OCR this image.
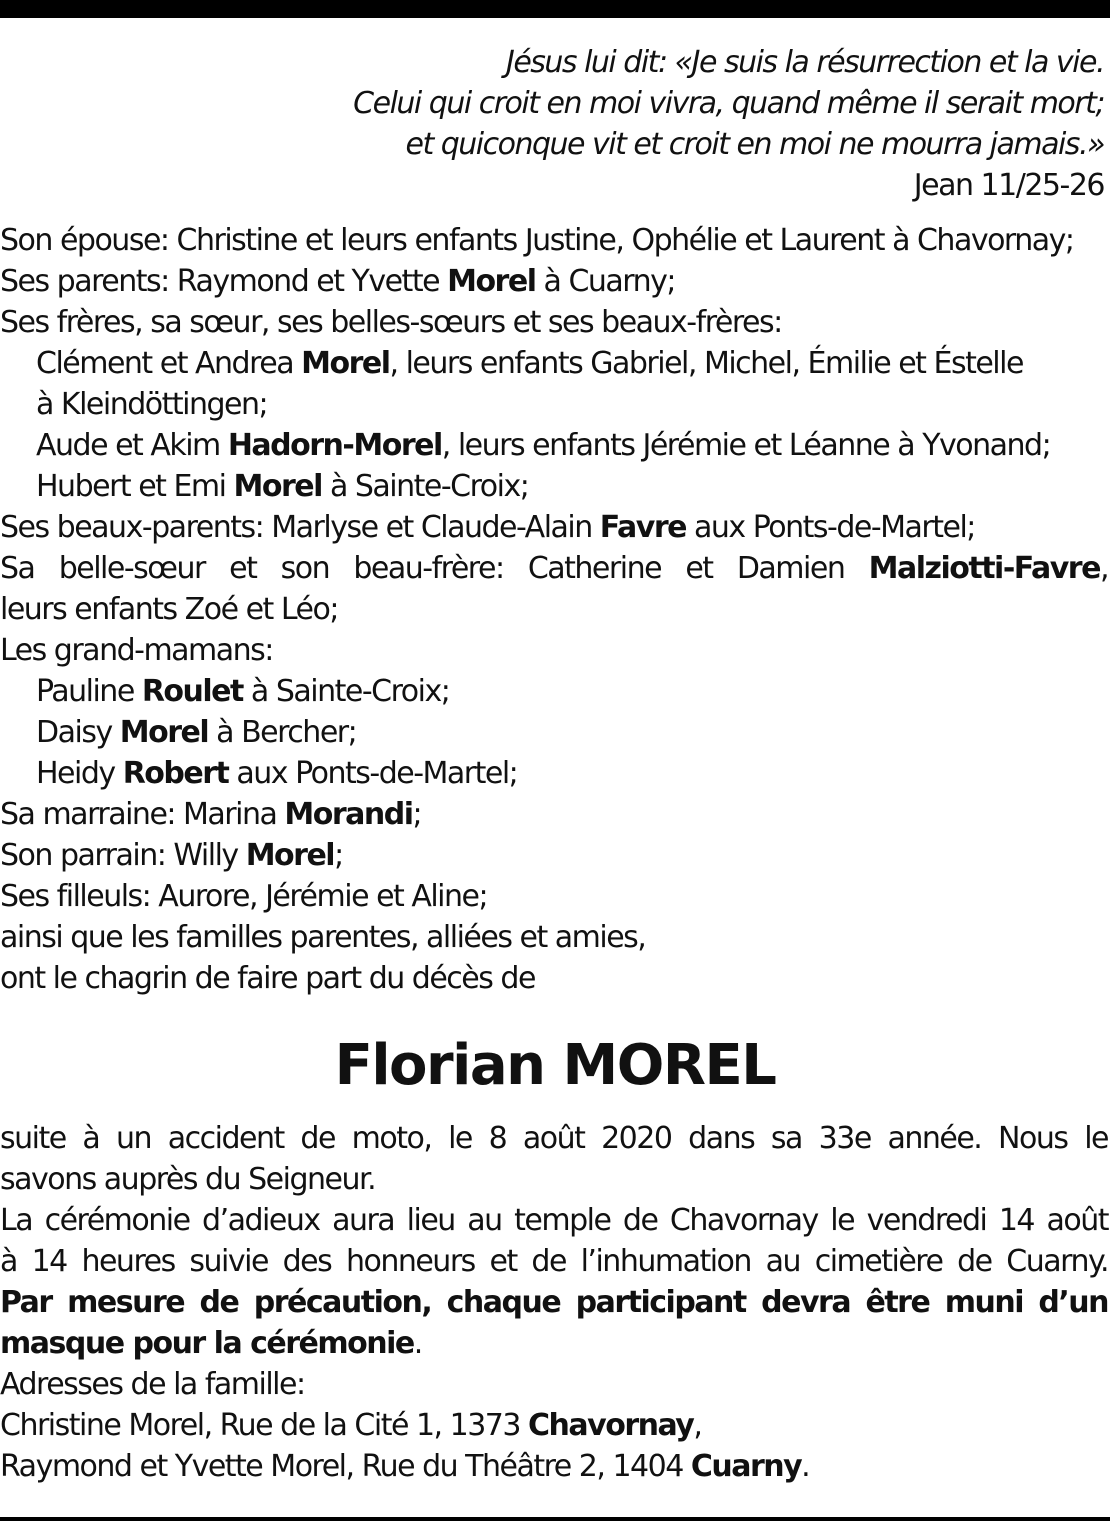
Jésus lui dit: «Je suis la résurrection et la vie.
Celui qui croit en moi vivra, quand même il serait mort;
et quiconque vit et croit en moi ne mourra jamais.»
Jean 11/25-26
Son épouse: Christine et leurs enfants Justine, Ophélie et Laurent à Chavornay;
Ses parents: Raymond et Yvette Morel à Cuarny;
Ses frères, sa sœur, ses belles-sœurs et ses beaux-frères:
Clément et Andrea Morel, leurs enfants Gabriel, Michel, Émilie et Éstelle
à Kleindöttingen;
Aude et Akim Hadorn-Morel, leurs enfants Jérémie et Léanne à Yvonand;
Hubert et Emi Morel à Sainte-Croix;
Ses beaux-parents: Marlyse et Claude-Alain Favre aux Ponts-de-Martel;
Sa belle-sœur et son beau-frère: Catherine et Damien Malziotti-Favre,
leurs enfants Zoé et Léo;
Les grand-mamans:
Pauline Roulet à Sainte-Croix;
Daisy Morel à Bercher;
Heidy Robert aux Ponts-de-Martel;
Sa marraine: Marina Morandi;
Son parrain: Willy Morel;
Ses filleuls: Aurore, Jérémie et Aline;
ainsi que les familles parentes, alliées et amies,
ont le chagrin de faire part du décès de
Florian MOREL
suite à un accident de moto, le 8 août 2020 dans sa 33e année. Nous le
savons auprès du Seigneur.
La cérémonie d’adieux aura lieu au temple de Chavornay le vendredi 14 août
à 14 heures suivie des honneurs et de l’inhumation au cimetière de Cuarny.
Par mesure de précaution, chaque participant devra être muni d’un
masque pour la cérémonie.
Adresses de la famille:
Christine Morel, Rue de la Cité 1, 1373 Chavornay,
Raymond et Yvette Morel, Rue du Théâtre 2, 1404 Cuarny.
